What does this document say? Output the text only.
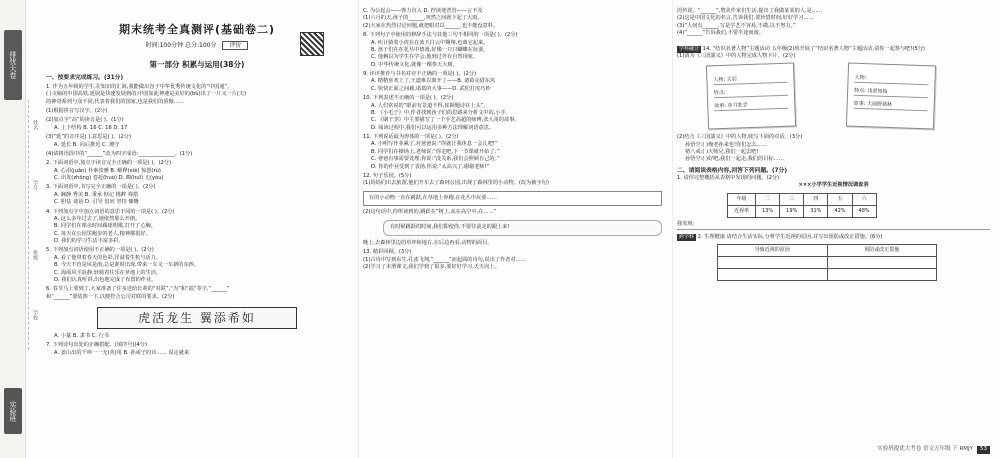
排忧大卷
实验班
姓名
学号
班级
学校
期末统考全真测评(基础卷二)
时间:100分钟 总分:100分 评价
第一部分 积累与运用(38分)
一、按要求完成练习。(31分)
1. 作为五年级的学生,在知识的汇海,我能做出谷子中华优秀传统文化的“中国通”。
( )文稿的中国高铁,延展是快速发展到的;中国如此神速是美好的(bǔ)出了一片又一片(天)
的神奇系列与众不同,代表着我们的国家,也是我们的骄傲……
(1)根据拼音写汉字。(2分)
(2)加点字“高”的读音是( )。(1分)
A. 上下结构 B. 16 C. 16 D. 17
(3)“延”的音序是( ),意思是( )。(2分)
A. 延长 B. 向后推迟 C. 遵守
(4)请将语段中的“______”改为四字成语:______________。(1分)
2. 下面词语中,加点字读音完全正确的一项是( )。(2分)
A. 心涓(juǎn) 朴素淡雅 B. 解释(xiè) 惊怒(rù)
C. 出发(zhōng) 卷起(huò) D. 晦(huī) 无(yóu)
3. 下面词语中,书写完全正确的一项是( )。(2分)
A. 娴静 秀美 B. 秉承 惦记 挑衅 筹措
C. 胆怯 谈话 D. 引导 盘问 坚持 慷慨
4. 下列加点字中加点词语的意思不同的一项是( )。(2分)
A. 这么多年过去了,她依然那么开朗。
B. 同学们在课余时间踢球唱歌,打开了心胸。
C. 每天在公园里跑步的老人,精神都很好。
D. 我们的学习生活丰富多彩。
5. 下列加点词语使用不正确的一项是( )。(2分)
A. 看了他带着春天的色彩,洋溢着生机与活力。
B. 今天不管是风是雨,总是准时出现,带来一车又一车新的东西。
C. 海面风平浪静,轻骑着往乐在草地上的生活。
D. 我们认真听讲,出色地完成了布置的作业。
6. 春节马上要到了,大家准备了许多送给长辈的“对联”,“为”和“福”等字,“______”
和“______”要装饰一下,以便符合公司对联的要求。(2分)
虎活龙生 翼添希如
A. 小篆 B. 隶书 C. 行书
7. 下列诗句出处的正确搭配。(填序号)(4分)
A. 姜山出的千呼一一无(英)用 B. 孙顽子的诗…… 说定就来
C. 为公起会——弹力直入 D. 控读迷普管——言不及
(1)六月的天,孩子的______,突然之间就下起了大雨。
(2)大家在热烈讨论问题,就把眼对以______,也不能没意料。
8. 下列句子中使用的修辞手法与其他三句不相同的一项是( )。(2分)
A. 疾计骑着小虎在在蓝天白云中翱翔,也离它起来。
B. 孩子们在在花丛中嬉戏,好像一只只蝴蝶在玩耍。
C. 他俩以为学生在学会,他到过外有自然现象。
D. 中华传统文化,就像一棵参天大树。
9. 评评推荐与书名对应不正确的一项是( )。(2分)
A. 精精喜欢上了,王道难以离开了——B. 诸葛亮借东风
C. 快快正面之间被,诸葛的大事——D. 武松打虎巧妙
10. 下列表述不正确的一项是( )。(2分)
A. 人们常说的“眼前有景道不得,崔颢题诗在上头”。
B. 《小毛子》中,作者找到孩子们的思路来分析文中的,小手。
C. 《刷子李》中主要描写了一个手艺高超的师傅,张大哥的故事。
D. 阅读过程中,我们可以运用多种方法理解词语意思。
11. 下列说话最为得体的一项是( )。(2分)
A. 小明写作业累了,对爸爸说:“你就让我休息一会儿吧!”
B. 同学们在操场上,老师说:“你走吧,下一节课就开始了。”
C. 爸爸有事需要处理,你说:“没关系,我们会照顾自己的。”
D. 你的作业受到了表扬,你说:“太高兴了,谢谢老师!”
12. 句子乐园。(5分)
(1)妈妈们出去旅游,他们开车去了森林公园,出现了森林里的小动物。(改为被字句)
有的小动物一直在跳跃,在草地上奔跑,在花丛中玩耍……
(2)这句话中,你所读到的,跳跃在“树上,从在高空中,在……”
有时候跳跃的时间,我们即使你,不要往前走的跟上来!
晚上,去森林里边的草坪和地方,在后边再看,动物的面目。
13. 精彩回顾。(3分)
(1)古诗中写到东生,孔雀飞翔,“______”而起面的诗句,说出了作者对……
(2)学习了本册课文,我们学到了很多,要好好学习,天天向上。
的传说。“______”,赞美作家们生活,提出了我做某某的人,是……
(2)这是中国文化的名言,告诉我们,要珍惜时间,好好学习……
(3)“人间有______,写是学艺不容易,不做,以不努力。”
(4)“______”告诉我们,不要半途而废。
学科融合 14. “结识名著人物”主题活动 五年级(2)班开展了“结识名著人物”主题活动,请你一起参与吧!(5分)
(1)请为《三国演义》中的人物完成人物卡片。(2分)
人物: 关羽
特点:
故事: 单刀赴会
人物:
特点: 浅虑如梭
故事: 大闹野猪林
(2)结合《三国演义》中的人物,续写下面的对话。(3分)
孙悟空:( )俺老孙来也!你们怎么……
猪八戒:( )大师兄,我们一起去吧!
孙悟空:( )好吧,我们一起走,我们的目标……
二、请阅读表格内容,回答下列问题。(7分)
1. 请你完整概括从表格中发现的问题。(2分)
×××小学学生近视情况调查表
年级	二	三	四	五	六
近视率	13%	19%	31%	42%	48%
我发现:
跨学科 2. 生理健康 请结合生活实际,分析学生近视的原因,并写出预防或改正措施。(6分)
导致近视的原因	预防或改正措施

实验班提优大考卷 语文五年级 下 RMJY 53
